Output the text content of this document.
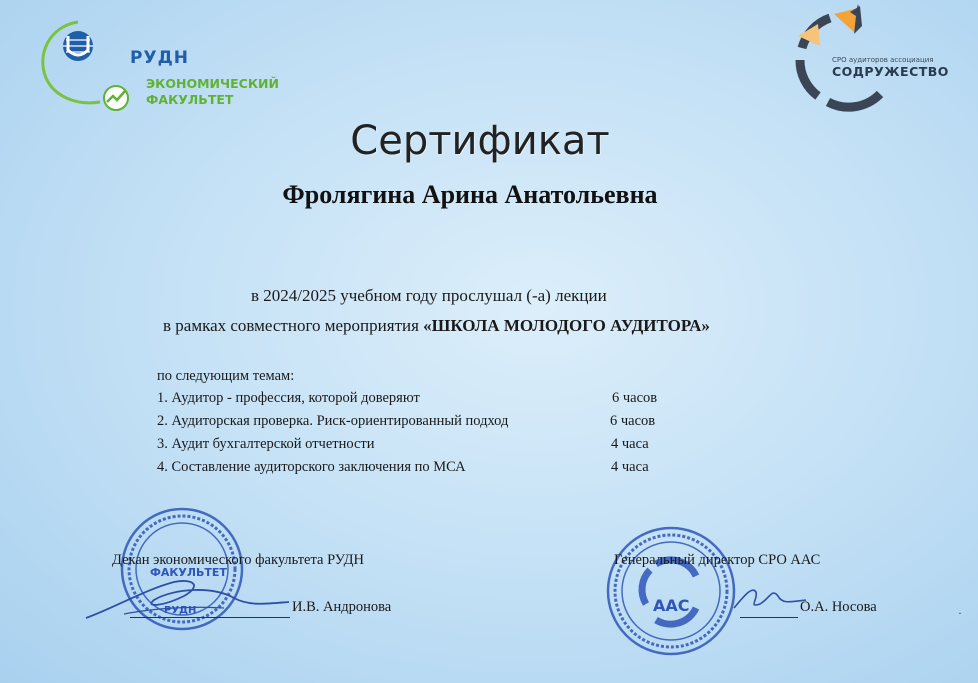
РУДН
ЭКОНОМИЧЕСКИЙ
ФАКУЛЬТЕТ
СРО аудиторов ассоциация
СОДРУЖЕСТВО
Сертификат
Фролягина Арина Анатольевна
в 2024/2025 учебном году прослушал (-а) лекции
в рамках совместного мероприятия «ШКОЛА МОЛОДОГО АУДИТОРА»
по следующим темам:
1. Аудитор - профессия, которой доверяют	6 часов
2. Аудиторская проверка. Риск-ориентированный подход	6 часов
3. Аудит бухгалтерской отчетности	4 часа
4. Составление аудиторского заключения по МСА	4 часа
ФАКУЛЬТЕТ
РУДН	ААС
Декан экономического факультета РУДН
И.В. Андронова
Генеральный директор СРО ААС
О.А. Носова	·
